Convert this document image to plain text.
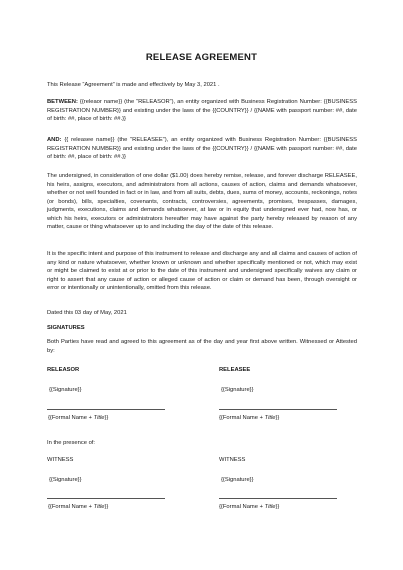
RELEASE AGREEMENT
This Release “Agreement” is made and effectively by May 3, 2021 .
BETWEEN: {{releaor name}} (the “RELEASOR”), an entity organized with Business Registration Number: {{BUSINESS REGISTRATION NUMBER}} and existing under the laws of the {{COUNTRY}} / {{NAME with passport number: ##, date of birth: ##, place of birth: ##.}}
AND: {{ releasee name}} (the “RELEASEE”), an entity organized with Business Registration Number: {{BUSINESS REGISTRATION NUMBER}} and existing under the laws of the {{COUNTRY}} / {{NAME with passport number: ##, date of birth: ##, place of birth: ##.}}
The undersigned, in consideration of one dollar ($1.00) does hereby remise, release, and forever discharge RELEASEE, his heirs, assigns, executors, and administrators from all actions, causes of action, claims and demands whatsoever, whether or not well founded in fact or in law, and from all suits, debts, dues, sums of money, accounts, reckonings, notes (or bonds), bills, specialties, covenants, contracts, controversies, agreements, promises, trespasses, damages, judgments, executions, claims and demands whatsoever, at law or in equity that undersigned ever had, now has, or which his heirs, executors or administrators hereafter may have against the party hereby released by reason of any matter, cause or thing whatsoever up to and including the day of the date of this release.
It is the specific intent and purpose of this instrument to release and discharge any and all claims and causes of action of any kind or nature whatsoever, whether known or unknown and whether specifically mentioned or not, which may exist or might be claimed to exist at or prior to the date of this instrument and undersigned specifically waives any claim or right to assert that any cause of action or alleged cause of action or claim or demand has been, through oversight or error or intentionally or unintentionally, omitted from this release.
Dated this 03 day of May, 2021
SIGNATURES
Both Parties have read and agreed to this agreement as of the day and year first above written. Witnessed or Attested by:
RELEASOR	RELEASEE
{{Signature}}	{{Signature}}
{{Formal Name + Title}}	{{Formal Name + Title}}
In the presence of:
WITNESS	WITNESS
{{Signature}}	{{Signature}}
{{Formal Name + Title}}	{{Formal Name + Title}}
